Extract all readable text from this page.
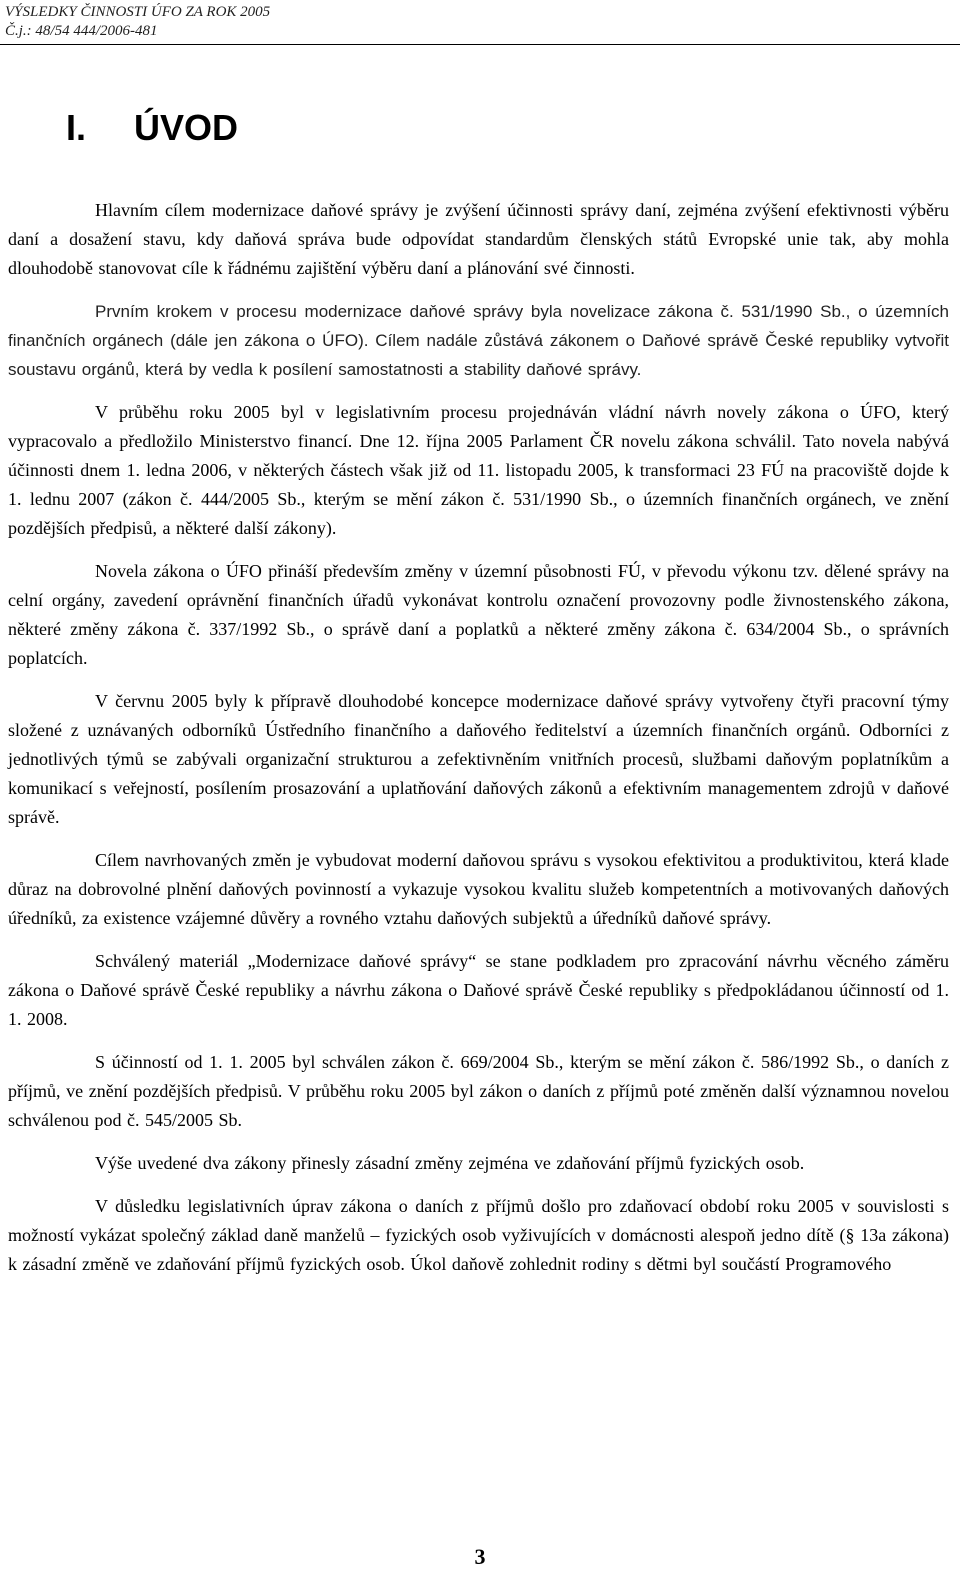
VÝSLEDKY ČINNOSTI ÚFO ZA ROK 2005
Č.j.: 48/54 444/2006-481
I. ÚVOD

Hlavním cílem modernizace daňové správy je zvýšení účinnosti správy daní, zejména zvýšení efektivnosti výběru daní a dosažení stavu, kdy daňová správa bude odpovídat standardům členských států Evropské unie tak, aby mohla dlouhodobě stanovovat cíle k řádnému zajištění výběru daní a plánování své činnosti.

Prvním krokem v procesu modernizace daňové správy byla novelizace zákona č. 531/1990 Sb., o územních finančních orgánech (dále jen zákona o ÚFO). Cílem nadále zůstává zákonem o Daňové správě České republiky vytvořit soustavu orgánů, která by vedla k posílení samostatnosti a stability daňové správy.

V průběhu roku 2005 byl v legislativním procesu projednáván vládní návrh novely zákona o ÚFO, který vypracovalo a předložilo Ministerstvo financí. Dne 12. října 2005 Parlament ČR novelu zákona schválil. Tato novela nabývá účinnosti dnem 1. ledna 2006, v některých částech však již od 11. listopadu 2005, k transformaci 23 FÚ na pracoviště dojde k 1. lednu 2007 (zákon č. 444/2005 Sb., kterým se mění zákon č. 531/1990 Sb., o územních finančních orgánech, ve znění pozdějších předpisů, a některé další zákony).

Novela zákona o ÚFO přináší především změny v územní působnosti FÚ, v převodu výkonu tzv. dělené správy na celní orgány, zavedení oprávnění finančních úřadů vykonávat kontrolu označení provozovny podle živnostenského zákona, některé změny zákona č. 337/1992 Sb., o správě daní a poplatků a některé změny zákona č. 634/2004 Sb., o správních poplatcích.

V červnu 2005 byly k přípravě dlouhodobé koncepce modernizace daňové správy vytvořeny čtyři pracovní týmy složené z uznávaných odborníků Ústředního finančního a daňového ředitelství a územních finančních orgánů. Odborníci z jednotlivých týmů se zabývali organizační strukturou a zefektivněním vnitřních procesů, službami daňovým poplatníkům a komunikací s veřejností, posílením prosazování a uplatňování daňových zákonů a efektivním managementem zdrojů v daňové správě.

Cílem navrhovaných změn je vybudovat moderní daňovou správu s vysokou efektivitou a produktivitou, která klade důraz na dobrovolné plnění daňových povinností a vykazuje vysokou kvalitu služeb kompetentních a motivovaných daňových úředníků, za existence vzájemné důvěry a rovného vztahu daňových subjektů a úředníků daňové správy.

Schválený materiál „Modernizace daňové správy“ se stane podkladem pro zpracování návrhu věcného záměru zákona o Daňové správě České republiky a návrhu zákona o Daňové správě České republiky s předpokládanou účinností od 1. 1. 2008.

S účinností od 1. 1. 2005 byl schválen zákon č. 669/2004 Sb., kterým se mění zákon č. 586/1992 Sb., o daních z příjmů, ve znění pozdějších předpisů. V průběhu roku 2005 byl zákon o daních z příjmů poté změněn další významnou novelou schválenou pod č. 545/2005 Sb.

Výše uvedené dva zákony přinesly zásadní změny zejména ve zdaňování příjmů fyzických osob.

V důsledku legislativních úprav zákona o daních z příjmů došlo pro zdaňovací období roku 2005 v souvislosti s možností vykázat společný základ daně manželů – fyzických osob vyživujících v domácnosti alespoň jedno dítě (§ 13a zákona) k zásadní změně ve zdaňování příjmů fyzických osob. Úkol daňově zohlednit rodiny s dětmi byl součástí Programového

3
